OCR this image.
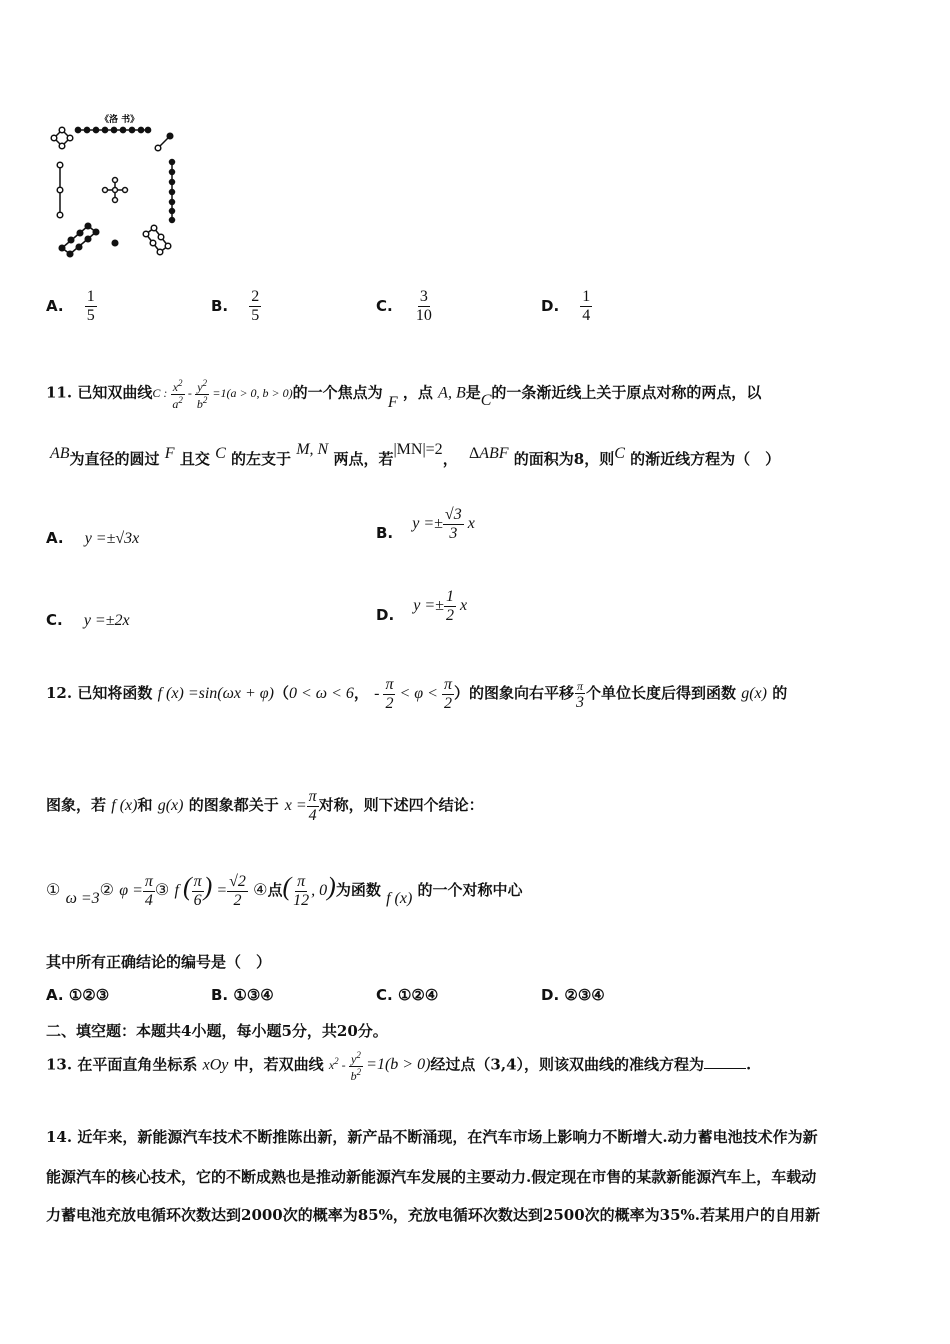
《洛 书》
A. $\frac{1}{5}$	B. $\frac{2}{5}$	C. $\frac{3}{10}$	D. $\frac{1}{4}$
11. 已知双曲线C : $\frac{x^2}{a^2} - \frac{y^2}{b^2} =1(a > 0$, b > 0)的一个焦点为 F ，点 A, B是C的一条渐近线上关于原点对称的两点，以
AB为直径的圆过 F 且交 C 的左支于 M, N 两点，若|MN|=2， ΔABF 的面积为8，则C 的渐近线方程为（　）
A. y =±√3x	B. $y =\pm \frac{√3}{3}$ x
C. y =±2x	D. $y =\pm \frac{1}{2}$ x
12. 已知将函数 f (x) =sin(ωx + φ)（0 < ω < 6， - $\frac{\pi}{2} < \varphi < \frac{\pi}{2}$ ）的图象向右平移 $\frac{\pi}{3}$ 个单位长度后得到函数 g(x) 的
图象，若 f (x)和 g(x) 的图象都关于 $x = \frac{\pi}{4}$ 对称，则下述四个结论：
① ω =3② $\varphi = \frac{\pi}{4}$ ③ f ( $\frac{\pi}{6}$ ) = $\frac{√2}{2}$ ④点( $\frac{\pi}{12}$ , 0)为函数 f (x) 的一个对称中心
其中所有正确结论的编号是（　）
A. ①②③	B. ①③④	C. ①②④	D. ②③④
二、填空题：本题共4小题，每小题5分，共20分。
13. 在平面直角坐标系 xOy 中，若双曲线 $x^2 - \frac{y^2}{b^2} =1(b > 0)$经过点（3,4），则该双曲线的准线方程为	.
14. 近年来，新能源汽车技术不断推陈出新，新产品不断涌现，在汽车市场上影响力不断增大.动力蓄电池技术作为新
能源汽车的核心技术，它的不断成熟也是推动新能源汽车发展的主要动力.假定现在市售的某款新能源汽车上，车载动
力蓄电池充放电循环次数达到2000次的概率为85%，充放电循环次数达到2500次的概率为35%.若某用户的自用新
